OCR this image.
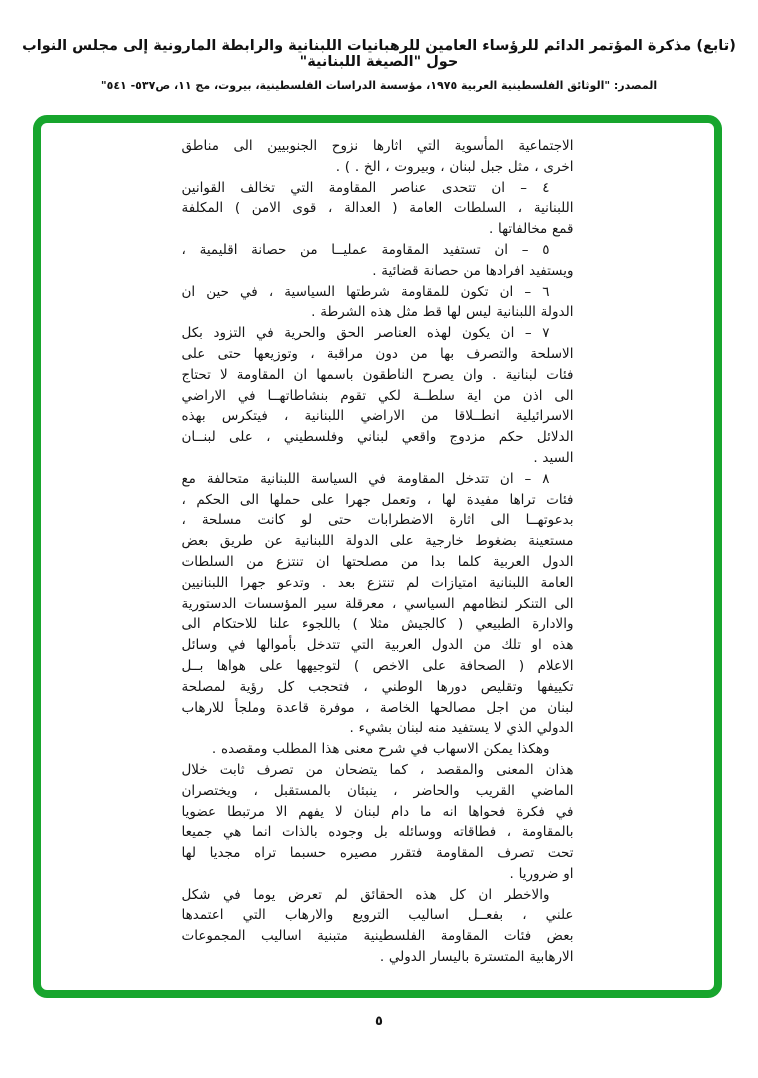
(تابع) مذكرة المؤتمر الدائم للرؤساء العامين للرهبانيات اللبنانية والرابطة المارونية إلى مجلس النواب حول "الصيغة اللبنانية"
المصدر: "الوثائق الفلسطينية العربية ١٩٧٥، مؤسسة الدراسات الفلسطينية، بيروت، مج ١١، ص٥٣٧- ٥٤١"
الاجتماعية المأسوية التي اثارها نزوح الجنوبيين الى مناطق
اخرى ، مثل جبل لبنان ، وبيروت ، الخ . ) .
٤ – ان تتحدى عناصر المقاومة التي تخالف القوانين
اللبنانية ، السلطات العامة ( العدالة ، قوى الامن ) المكلفة
قمع مخالفاتها .
٥ – ان تستفيد المقاومة عمليــا من حصانة اقليمية ،
ويستفيد افرادها من حصانة قضائية .
٦ – ان تكون للمقاومة شرطتها السياسية ، في حين ان
الدولة اللبنانية ليس لها قط مثل هذه الشرطة .
٧ – ان يكون لهذه العناصر الحق والحرية في التزود بكل
الاسلحة والتصرف بها من دون مراقبة ، وتوزيعها حتى على
فئات لبنانية . وان يصرح الناطقون باسمها ان المقاومة لا تحتاج
الى اذن من اية سلطــة لكي تقوم بنشاطاتهــا في الاراضي
الاسرائيلية انطــلاقا من الاراضي اللبنانية ، فيتكرس بهذه
الدلائل حكم مزدوج واقعي لبناني وفلسطيني ، على لبنــان
السيد .
٨ – ان تتدخل المقاومة في السياسة اللبنانية متحالفة مع
فئات تراها مفيدة لها ، وتعمل جهرا على حملها الى الحكم ،
بدعوتهــا الى اثارة الاضطرابات حتى لو كانت مسلحة ،
مستعينة بضغوط خارجية على الدولة اللبنانية عن طريق بعض
الدول العربية كلما بدا من مصلحتها ان تنتزع من السلطات
العامة اللبنانية امتيازات لم تنتزع بعد . وتدعو جهرا اللبنانيين
الى التنكر لنظامهم السياسي ، معرقلة سير المؤسسات الدستورية
والادارة الطبيعي ( كالجيش مثلا ) باللجوء علنا للاحتكام الى
هذه او تلك من الدول العربية التي تتدخل بأموالها في وسائل
الاعلام ( الصحافة على الاخص ) لتوجيهها على هواها بــل
تكييفها وتقليص دورها الوطني ، فتحجب كل رؤية لمصلحة
لبنان من اجل مصالحها الخاصة ، موفرة قاعدة وملجأ للارهاب
الدولي الذي لا يستفيد منه لبنان بشيء .
وهكذا يمكن الاسهاب في شرح معنى هذا المطلب ومقصده .
هذان المعنى والمقصد ، كما يتضحان من تصرف ثابت خلال
الماضي القريب والحاضر ، ينبئان بالمستقبل ، ويختصران
في فكرة فحواها انه ما دام لبنان لا يفهم الا مرتبطا عضويا
بالمقاومة ، فطاقاته ووسائله بل وجوده بالذات انما هي جميعا
تحت تصرف المقاومة فتقرر مصيره حسبما تراه مجديا لها
او ضروريا .
والاخطر ان كل هذه الحقائق لم تعرض يوما في شكل
علني ، بفعــل اساليب الترويع والارهاب التي اعتمدها
بعض فئات المقاومة الفلسطينية متبنية اساليب المجموعات
الارهابية المتسترة باليسار الدولي .
٥
